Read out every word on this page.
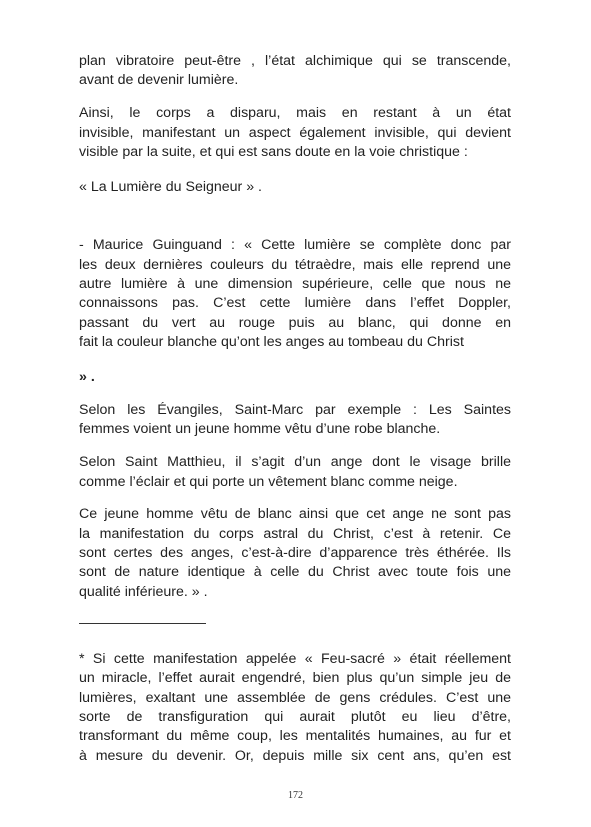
plan vibratoire peut-être , l’état alchimique qui se transcende,
avant de devenir lumière.
Ainsi, le corps a disparu, mais en restant à un état
invisible, manifestant un aspect également invisible, qui devient
visible par la suite, et qui est sans doute en la voie christique :
« La Lumière du Seigneur » .
- Maurice Guinguand : « Cette lumière se complète donc par
les deux dernières couleurs du tétraèdre, mais elle reprend une
autre lumière à une dimension supérieure, celle que nous ne
connaissons pas. C’est cette lumière dans l’effet Doppler,
passant du vert au rouge puis au blanc, qui donne en
fait la couleur blanche qu’ont les anges au tombeau du Christ
» .
Selon les Évangiles, Saint-Marc par exemple : Les Saintes
femmes voient un jeune homme vêtu d’une robe blanche.
Selon Saint Matthieu, il s’agit d’un ange dont le visage brille
comme l’éclair et qui porte un vêtement blanc comme neige.
Ce jeune homme vêtu de blanc ainsi que cet ange ne sont pas
la manifestation du corps astral du Christ, c’est à retenir. Ce
sont certes des anges, c’est-à-dire d’apparence très éthérée. Ils
sont de nature identique à celle du Christ avec toute fois une
qualité inférieure. » .
* Si cette manifestation appelée « Feu-sacré » était réellement
un miracle, l’effet aurait engendré, bien plus qu’un simple jeu de
lumières, exaltant une assemblée de gens crédules. C’est une
sorte de transfiguration qui aurait plutôt eu lieu d’être,
transformant du même coup, les mentalités humaines, au fur et
à mesure du devenir. Or, depuis mille six cent ans, qu’en est
172
